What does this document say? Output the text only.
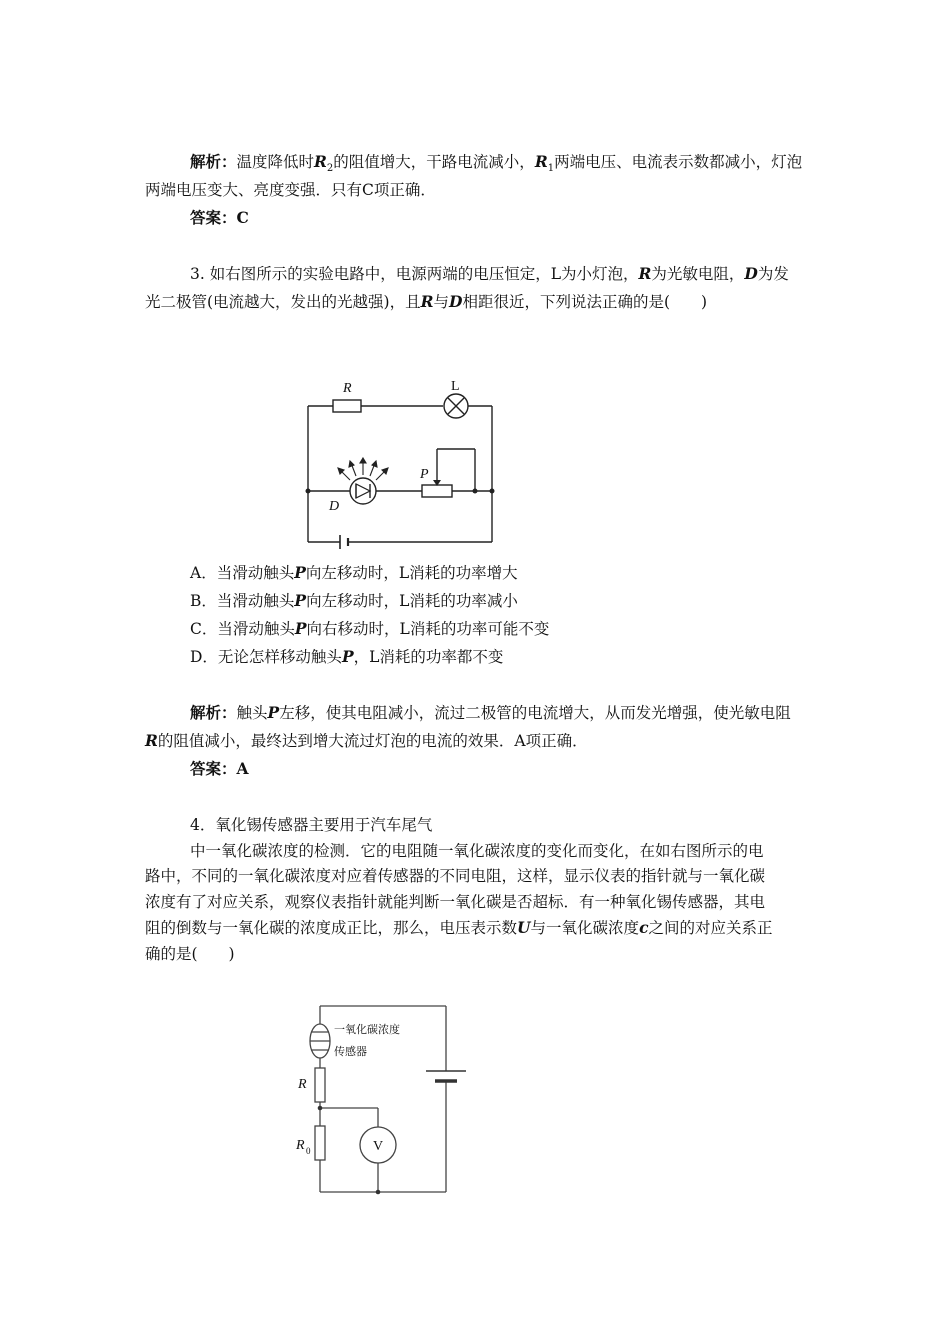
解析：温度降低时$R_2$的阻值增大，干路电流减小，$R_1$两端电压、电流表示数都减小，灯泡
两端电压变大、亮度变强．只有C项正确．
答案：C
3. 如右图所示的实验电路中，电源两端的电压恒定，L为小灯泡，R为光敏电阻，D为发
光二极管(电流越大，发出的光越强)，且R与D相距很近，下列说法正确的是(　　)
R	L
P
D
A．当滑动触头P向左移动时，L消耗的功率增大
B．当滑动触头P向左移动时，L消耗的功率减小
C．当滑动触头P向右移动时，L消耗的功率可能不变
D．无论怎样移动触头P，L消耗的功率都不变
解析：触头P左移，使其电阻减小，流过二极管的电流增大，从而发光增强，使光敏电阻
R的阻值减小，最终达到增大流过灯泡的电流的效果．A项正确．
答案：A
4．氧化锡传感器主要用于汽车尾气
中一氧化碳浓度的检测．它的电阻随一氧化碳浓度的变化而变化，在如右图所示的电
路中，不同的一氧化碳浓度对应着传感器的不同电阻，这样，显示仪表的指针就与一氧化碳
浓度有了对应关系，观察仪表指针就能判断一氧化碳是否超标．有一种氧化锡传感器，其电
阻的倒数与一氧化碳的浓度成正比，那么，电压表示数U与一氧化碳浓度c之间的对应关系正
确的是(　　)
一氧化碳浓度
传感器
R
R 0	V
